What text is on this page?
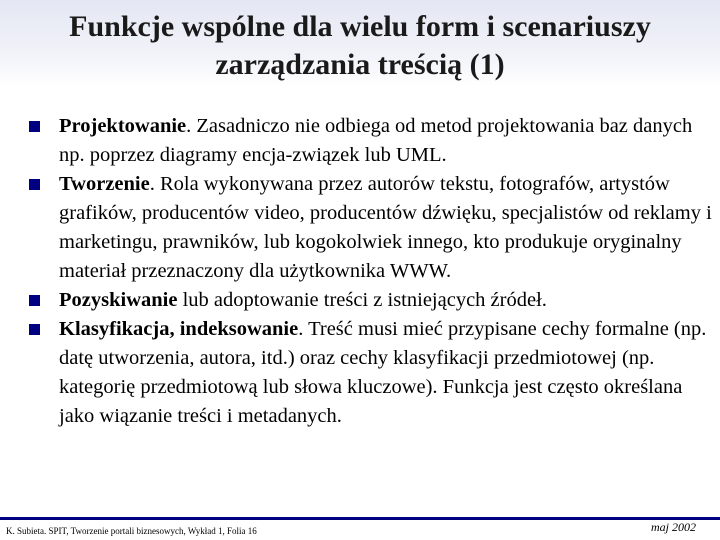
Funkcje wspólne dla wielu form i scenariuszy
zarządzania treścią (1)
Projektowanie. Zasadniczo nie odbiega od metod projektowania baz danych np. poprzez diagramy encja-związek lub UML.
Tworzenie. Rola wykonywana przez autorów tekstu, fotografów, artystów grafików, producentów video, producentów dźwięku, specjalistów od reklamy i marketingu, prawników, lub kogokolwiek innego, kto produkuje oryginalny materiał przeznaczony dla użytkownika WWW.
Pozyskiwanie lub adoptowanie treści z istniejących źródeł.
Klasyfikacja, indeksowanie. Treść musi mieć przypisane cechy formalne (np. datę utworzenia, autora, itd.) oraz cechy klasyfikacji przedmiotowej (np. kategorię przedmiotową lub słowa kluczowe). Funkcja jest często określana jako wiązanie treści i metadanych.
K. Subieta. SPIT, Tworzenie portali biznesowych, Wykład 1, Folia 16	maj 2002
